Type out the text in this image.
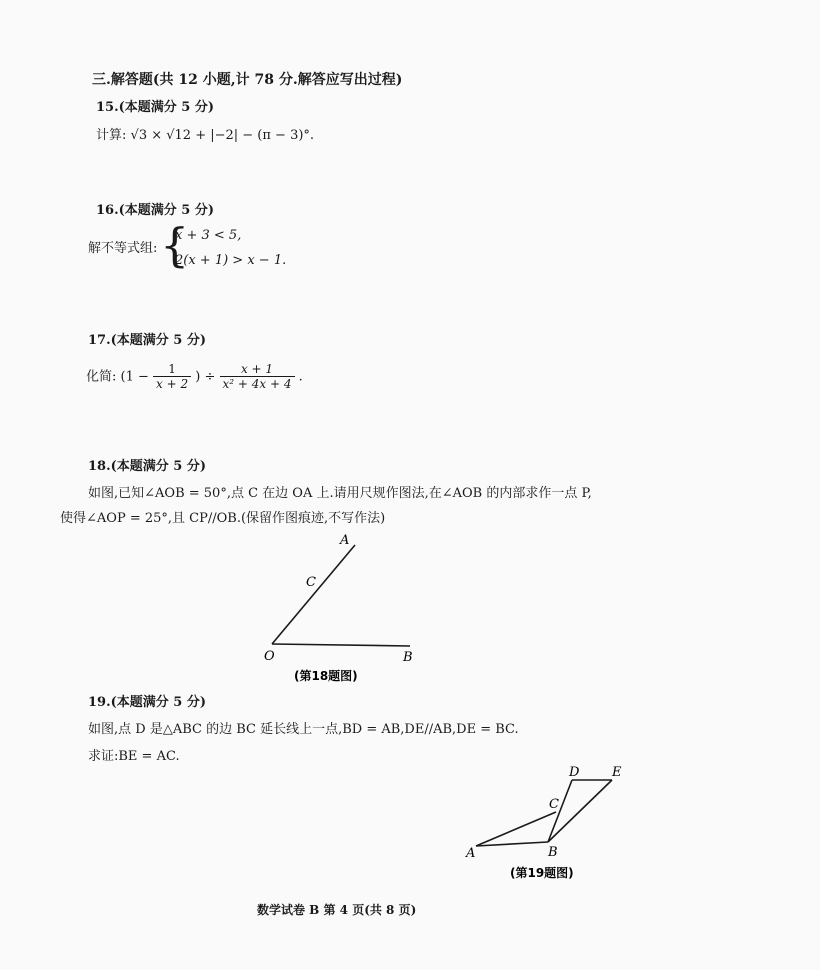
三.解答题(共 12 小题,计 78 分.解答应写出过程)
15.(本题满分 5 分)
计算: √3 × √12 + |−2| − (π − 3)°.
16.(本题满分 5 分)
解不等式组: {
x + 3 < 5,
2(x + 1) > x − 1.
17.(本题满分 5 分)
化简: ($1 - \frac{1}{x + 2}$ ) ÷ $\frac{x + 1}{\text{x² + 4x + 4}}$ .
18.(本题满分 5 分)
如图,已知∠AOB = 50°,点 C 在边 OA 上.请用尺规作图法,在∠AOB 的内部求作一点 P,
使得∠AOP = 25°,且 CP//OB.(保留作图痕迹,不写作法)
19.(本题满分 5 分)
如图,点 D 是△ABC 的边 BC 延长线上一点,BD = AB,DE//AB,DE = BC.
求证:BE = AC.
A
C
O	B
(第18题图)
A	B
C
D	E
(第19题图)
数学试卷 B 第 4 页(共 8 页)
